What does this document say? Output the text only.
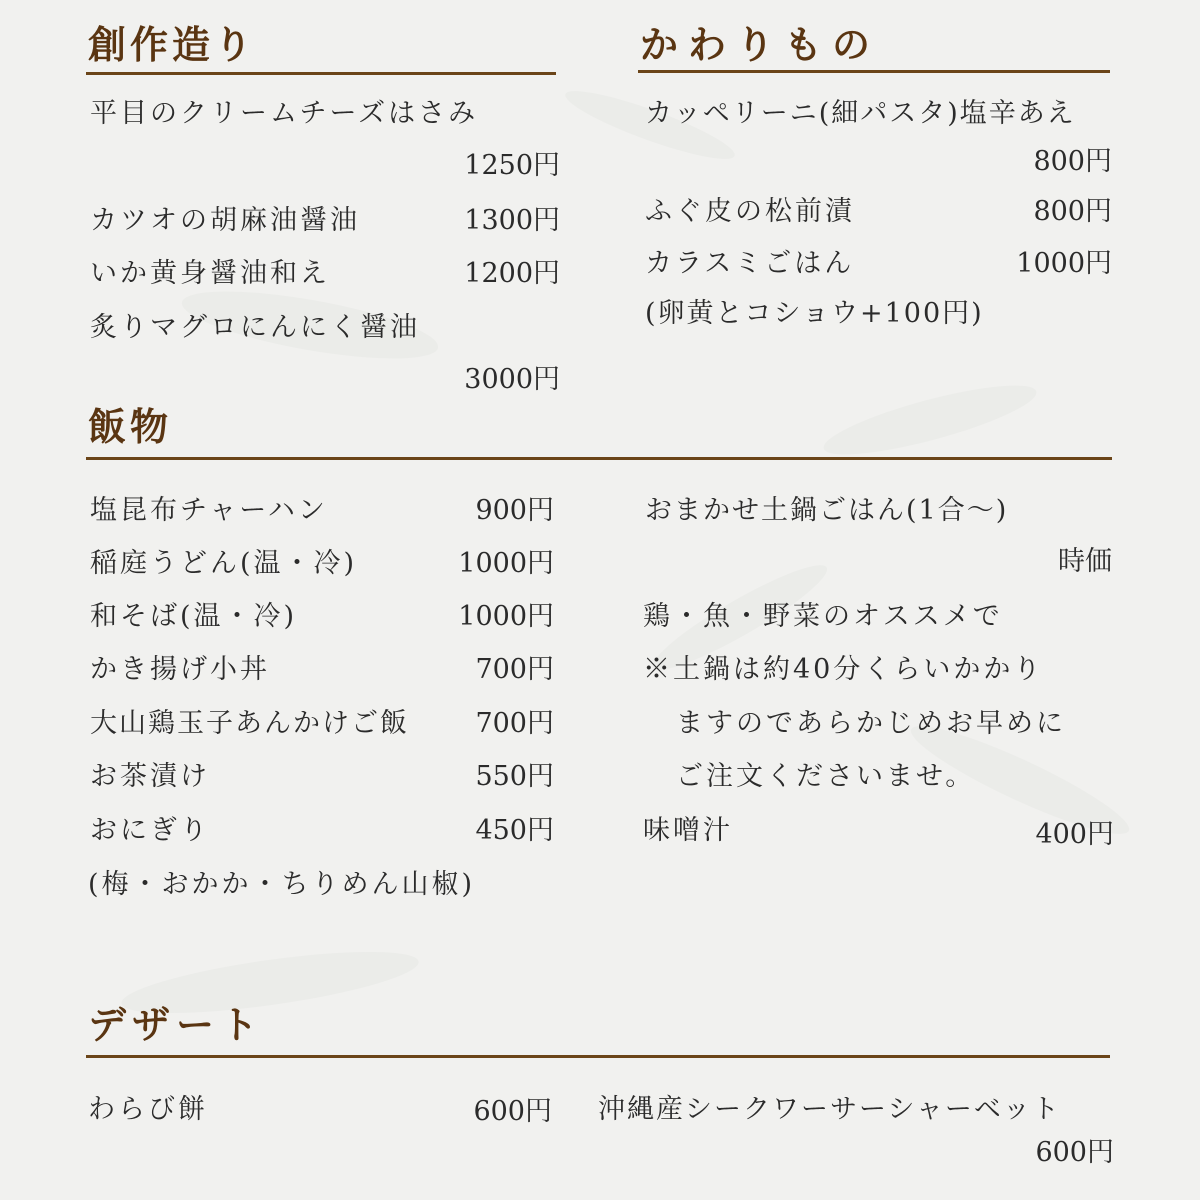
創作造り
平目のクリームチーズはさみ
1250円
カツオの胡麻油醤油	1300円
いか黄身醤油和え	1200円
炙りマグロにんにく醤油
3000円
かわりもの
カッペリーニ(細パスタ)塩辛あえ
800円
ふぐ皮の松前漬	800円
カラスミごはん	1000円
(卵黄とコショウ+100円)
飯物
塩昆布チャーハン	900円
稲庭うどん(温・冷)	1000円
和そば(温・冷)	1000円
かき揚げ小丼	700円
大山鶏玉子あんかけご飯	700円
お茶漬け	550円
おにぎり	450円
(梅・おかか・ちりめん山椒)
おまかせ土鍋ごはん(1合〜)
時価
鶏・魚・野菜のオススメで
※土鍋は約40分くらいかかり
ますのであらかじめお早めに
ご注文くださいませ。
味噌汁	400円
デザート
わらび餅	600円 沖縄産シークワーサーシャーベット
600円
